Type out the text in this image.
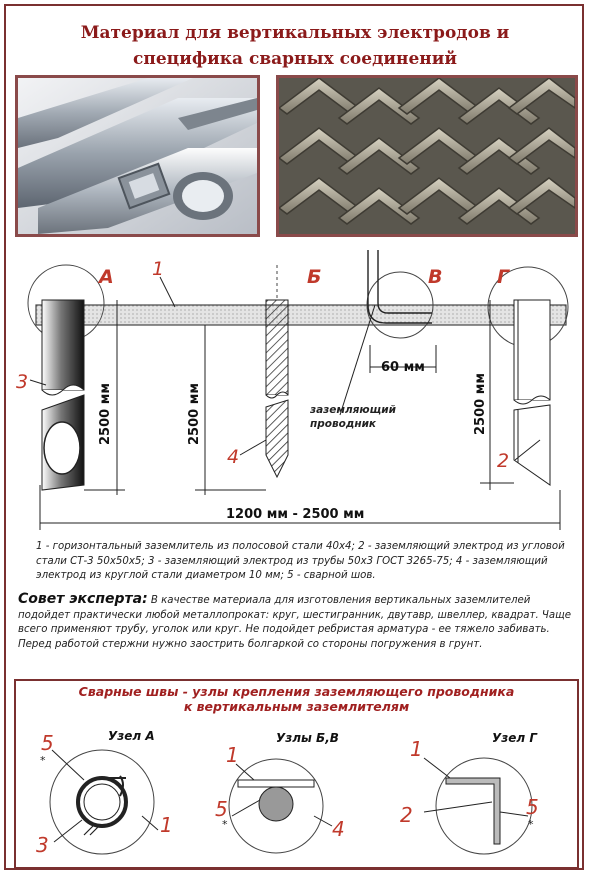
Материал для вертикальных электродов и
специфика сварных соединений
А	Б	В	Г
1
2
3
4
2500 мм	2500 мм	2500 мм
60 мм
1200 мм - 2500 мм
заземляющий
проводник
1 - горизонтальный заземлитель из полосовой стали 40х4; 2 - заземляющий электрод из угловой стали СТ-3 50х50х5; 3 - заземляющий электрод из трубы 50х3 ГОСТ 3265-75; 4 - заземляющий электрод из круглой стали диаметром 10 мм; 5 - сварной шов.
Совет эксперта: В качестве материала для изготовления вертикальных заземлителей подойдет практически любой металлопрокат: круг, шестигранник, двутавр, швеллер, квадрат. Чаще всего применяют трубу, уголок или круг. Не подойдет ребристая арматура - ее тяжело забивать. Перед работой стержни нужно заострить болгаркой со стороны погружения в грунт.
Сварные швы - узлы крепления заземляющего проводника
к вертикальным заземлителям
Узел А
5
*
3
1
Узлы Б,В
1
5
*	4
Узел Г
1
2	5
*
